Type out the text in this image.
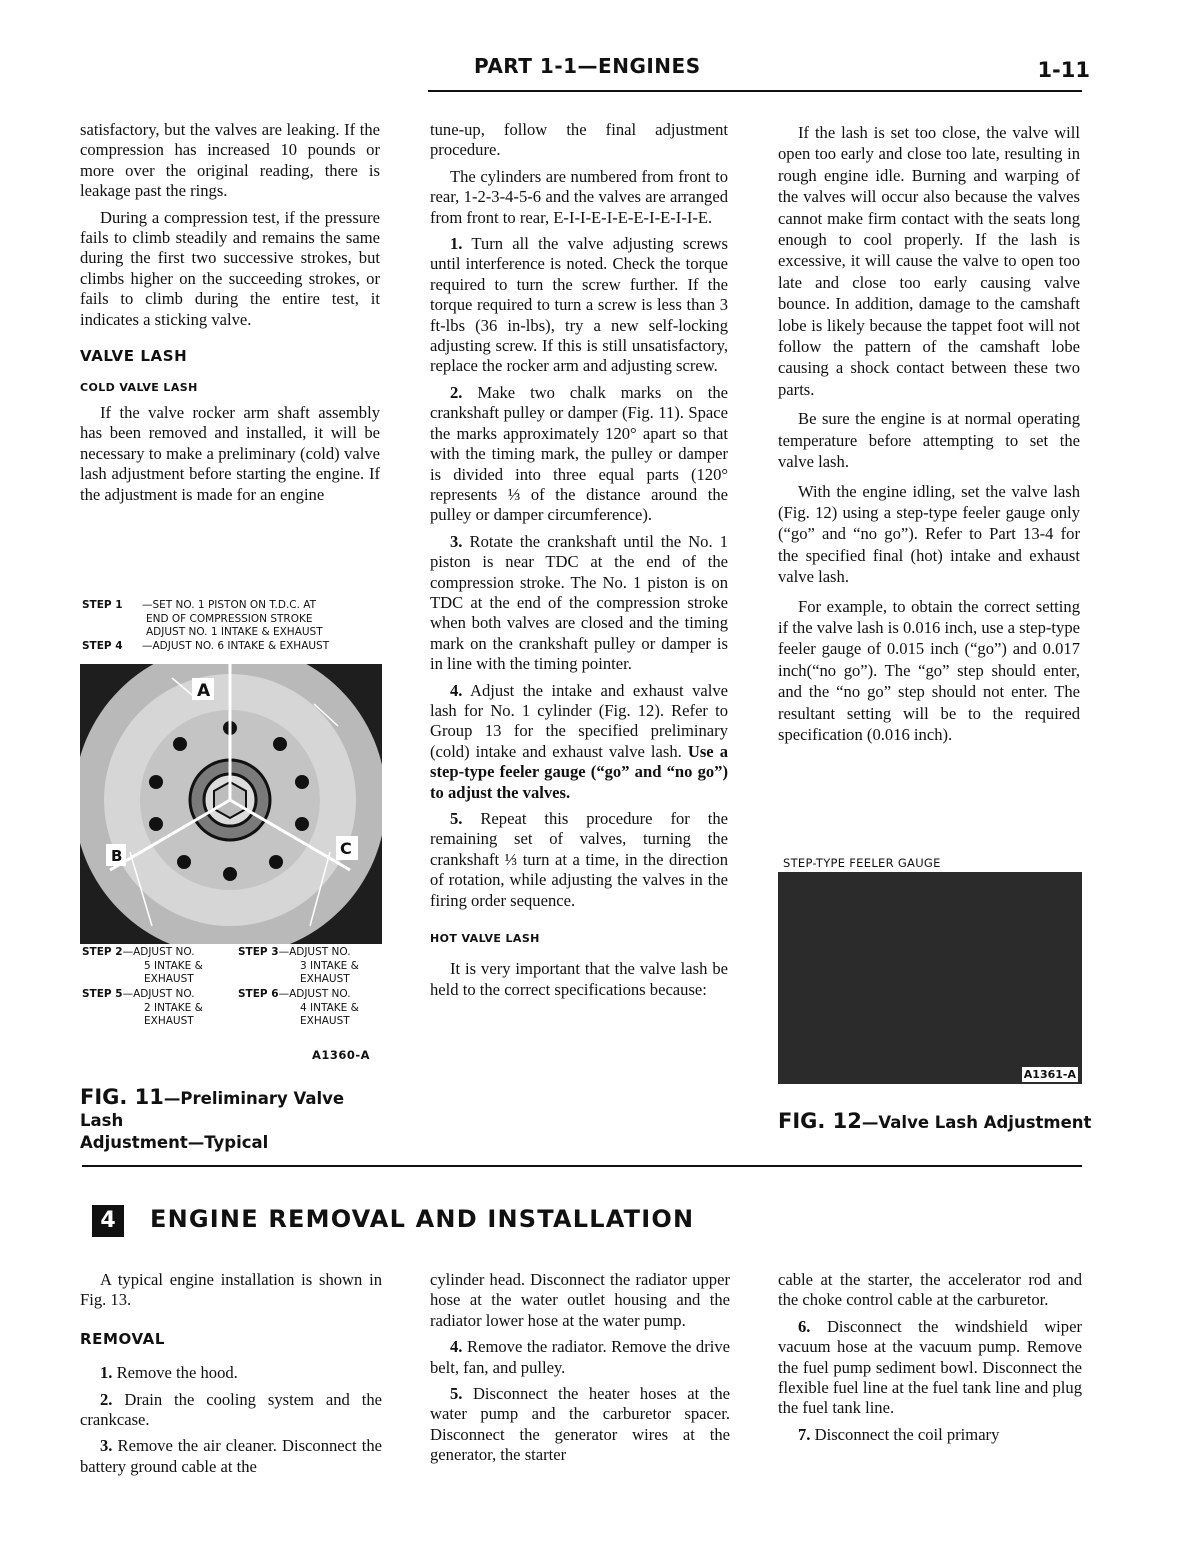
PART 1-1—ENGINES	1-11

satisfactory, but the valves are leaking. If the compression has increased 10 pounds or more over the original reading, there is leakage past the rings.

During a compression test, if the pressure fails to climb steadily and remains the same during the first two successive strokes, but climbs higher on the succeeding strokes, or fails to climb during the entire test, it indicates a sticking valve.

VALVE LASH
COLD VALVE LASH

If the valve rocker arm shaft assembly has been removed and installed, it will be necessary to make a preliminary (cold) valve lash adjustment before starting the engine. If the adjustment is made for an engine

STEP 1	—SET NO. 1 PISTON ON T.D.C. AT
END OF COMPRESSION STROKE
ADJUST NO. 1 INTAKE & EXHAUST
STEP 4	—ADJUST NO. 6 INTAKE & EXHAUST
A
B	C
STEP 2—ADJUST NO.
5 INTAKE &
EXHAUST
STEP 3—ADJUST NO.
3 INTAKE &
EXHAUST
STEP 5—ADJUST NO.
2 INTAKE &
EXHAUST
STEP 6—ADJUST NO.
4 INTAKE &
EXHAUST
A1360-A
FIG. 11—Preliminary Valve Lash
Adjustment—Typical

tune-up, follow the final adjustment procedure.

The cylinders are numbered from front to rear, 1-2-3-4-5-6 and the valves are arranged from front to rear, E-I-I-E-I-E-E-I-E-I-I-E.

1. Turn all the valve adjusting screws until interference is noted. Check the torque required to turn the screw further. If the torque required to turn a screw is less than 3 ft-lbs (36 in-lbs), try a new self-locking adjusting screw. If this is still unsatisfactory, replace the rocker arm and adjusting screw.

2. Make two chalk marks on the crankshaft pulley or damper (Fig. 11). Space the marks approximately 120° apart so that with the timing mark, the pulley or damper is divided into three equal parts (120° represents ⅓ of the distance around the pulley or damper circumference).

3. Rotate the crankshaft until the No. 1 piston is near TDC at the end of the compression stroke. The No. 1 piston is on TDC at the end of the compression stroke when both valves are closed and the timing mark on the crankshaft pulley or damper is in line with the timing pointer.

4. Adjust the intake and exhaust valve lash for No. 1 cylinder (Fig. 12). Refer to Group 13 for the specified preliminary (cold) intake and exhaust valve lash. Use a step-type feeler gauge (“go” and “no go”) to adjust the valves.

5. Repeat this procedure for the remaining set of valves, turning the crankshaft ⅓ turn at a time, in the direction of rotation, while adjusting the valves in the firing order sequence.

HOT VALVE LASH

It is very important that the valve lash be held to the correct specifications because:

If the lash is set too close, the valve will open too early and close too late, resulting in rough engine idle. Burning and warping of the valves will occur also because the valves cannot make firm contact with the seats long enough to cool properly. If the lash is excessive, it will cause the valve to open too late and close too early causing valve bounce. In addition, damage to the camshaft lobe is likely because the tappet foot will not follow the pattern of the camshaft lobe causing a shock contact between these two parts.

Be sure the engine is at normal operating temperature before attempting to set the valve lash.

With the engine idling, set the valve lash (Fig. 12) using a step-type feeler gauge only (“go” and “no go”). Refer to Part 13-4 for the specified final (hot) intake and exhaust valve lash.

For example, to obtain the correct setting if the valve lash is 0.016 inch, use a step-type feeler gauge of 0.015 inch (“go”) and 0.017 inch(“no go”). The “go” step should enter, and the “no go” step should not enter. The resultant setting will be to the required specification (0.016 inch).

STEP-TYPE FEELER GAUGE
A1361-A
FIG. 12—Valve Lash Adjustment
4	ENGINE REMOVAL AND INSTALLATION

A typical engine installation is shown in Fig. 13.

REMOVAL

1. Remove the hood.

2. Drain the cooling system and the crankcase.

3. Remove the air cleaner. Disconnect the battery ground cable at the

cylinder head. Disconnect the radiator upper hose at the water outlet housing and the radiator lower hose at the water pump.

4. Remove the radiator. Remove the drive belt, fan, and pulley.

5. Disconnect the heater hoses at the water pump and the carburetor spacer. Disconnect the generator wires at the generator, the starter

cable at the starter, the accelerator rod and the choke control cable at the carburetor.

6. Disconnect the windshield wiper vacuum hose at the vacuum pump. Remove the fuel pump sediment bowl. Disconnect the flexible fuel line at the fuel tank line and plug the fuel tank line.

7. Disconnect the coil primary
